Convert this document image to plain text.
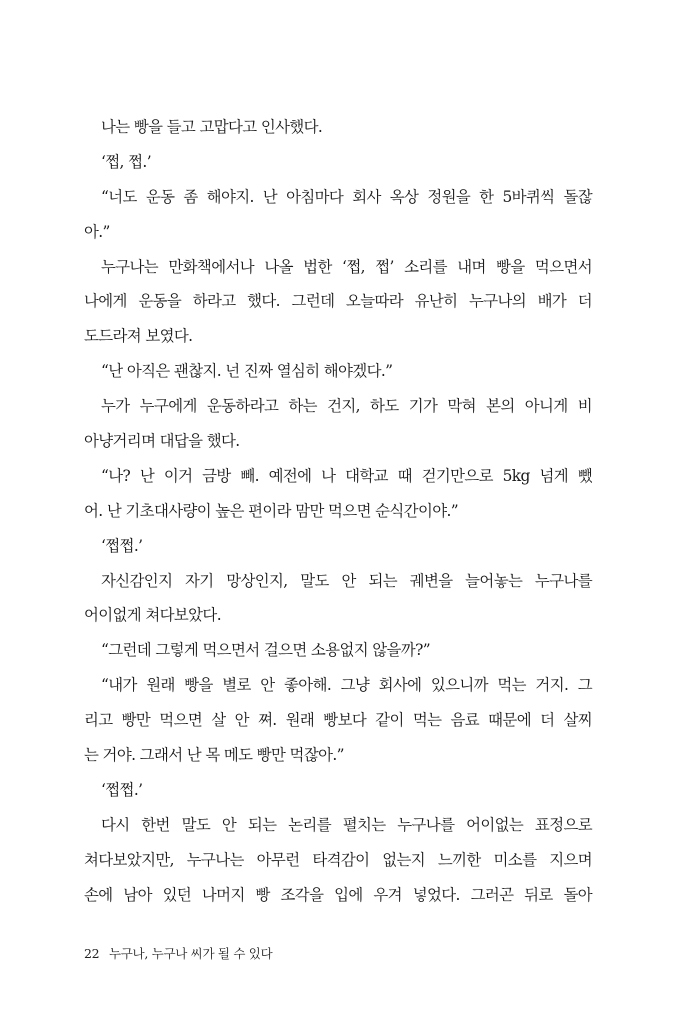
나는 빵을 들고 고맙다고 인사했다.
‘쩝, 쩝.’
“너도 운동 좀 해야지. 난 아침마다 회사 옥상 정원을 한 5바퀴씩 돌잖
아.”
누구나는 만화책에서나 나올 법한 ‘쩝, 쩝’ 소리를 내며 빵을 먹으면서
나에게 운동을 하라고 했다. 그런데 오늘따라 유난히 누구나의 배가 더
도드라져 보였다.
“난 아직은 괜찮지. 넌 진짜 열심히 해야겠다.”
누가 누구에게 운동하라고 하는 건지, 하도 기가 막혀 본의 아니게 비
아냥거리며 대답을 했다.
“나? 난 이거 금방 빼. 예전에 나 대학교 때 걷기만으로 5kg 넘게 뺐
어. 난 기초대사량이 높은 편이라 맘만 먹으면 순식간이야.”
‘쩝쩝.’
자신감인지 자기 망상인지, 말도 안 되는 궤변을 늘어놓는 누구나를
어이없게 쳐다보았다.
“그런데 그렇게 먹으면서 걸으면 소용없지 않을까?”
“내가 원래 빵을 별로 안 좋아해. 그냥 회사에 있으니까 먹는 거지. 그
리고 빵만 먹으면 살 안 쪄. 원래 빵보다 같이 먹는 음료 때문에 더 살찌
는 거야. 그래서 난 목 메도 빵만 먹잖아.”
‘쩝쩝.’
다시 한번 말도 안 되는 논리를 펼치는 누구나를 어이없는 표정으로
쳐다보았지만, 누구나는 아무런 타격감이 없는지 느끼한 미소를 지으며
손에 남아 있던 나머지 빵 조각을 입에 우겨 넣었다. 그러곤 뒤로 돌아
22 누구나, 누구나 씨가 될 수 있다
